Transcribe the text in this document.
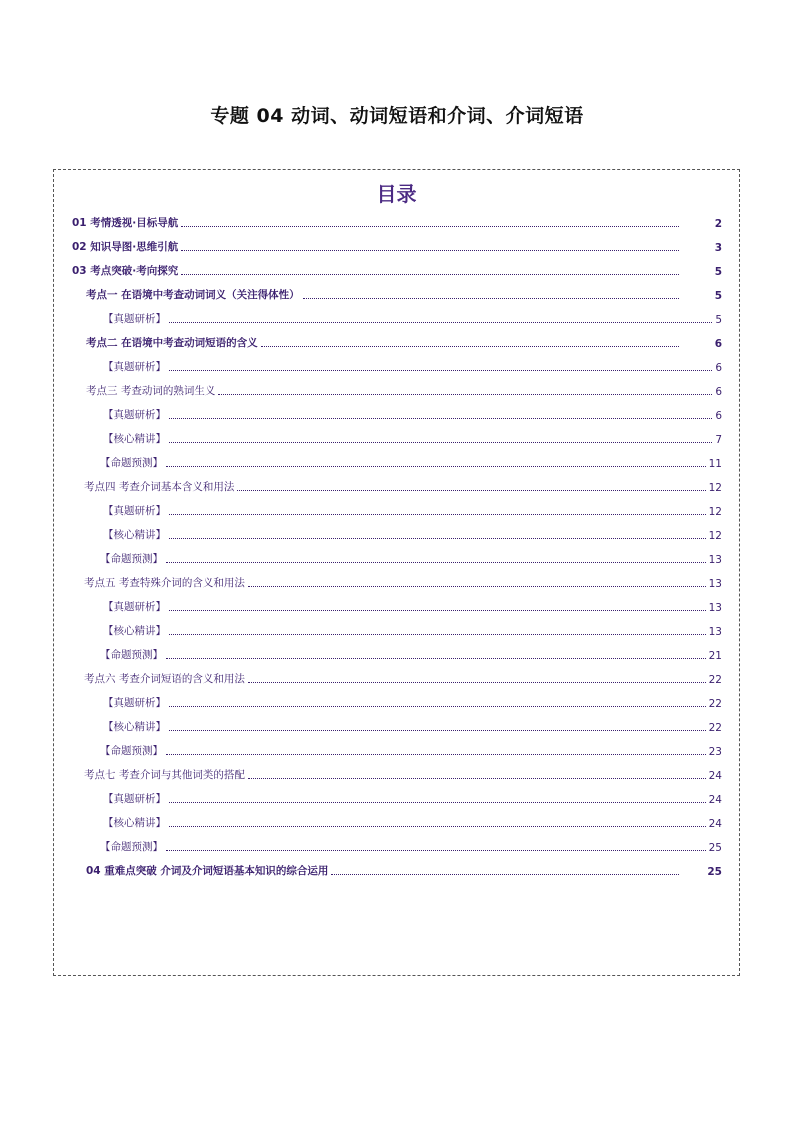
专题 04 动词、动词短语和介词、介词短语
目录
01 考情透视·目标导航	2
02 知识导图·思维引航	3
03 考点突破·考向探究	5
考点一 在语境中考查动词词义（关注得体性）	5
【真题研析】	5
考点二 在语境中考查动词短语的含义	6
【真题研析】	6
考点三 考查动词的熟词生义	6
【真题研析】	6
【核心精讲】	7
【命题预测】	11
考点四 考查介词基本含义和用法	12
【真题研析】	12
【核心精讲】	12
【命题预测】	13
考点五 考查特殊介词的含义和用法	13
【真题研析】	13
【核心精讲】	13
【命题预测】	21
考点六 考查介词短语的含义和用法	22
【真题研析】	22
【核心精讲】	22
【命题预测】	23
考点七 考查介词与其他词类的搭配	24
【真题研析】	24
【核心精讲】	24
【命题预测】	25
04 重难点突破 介词及介词短语基本知识的综合运用	25
